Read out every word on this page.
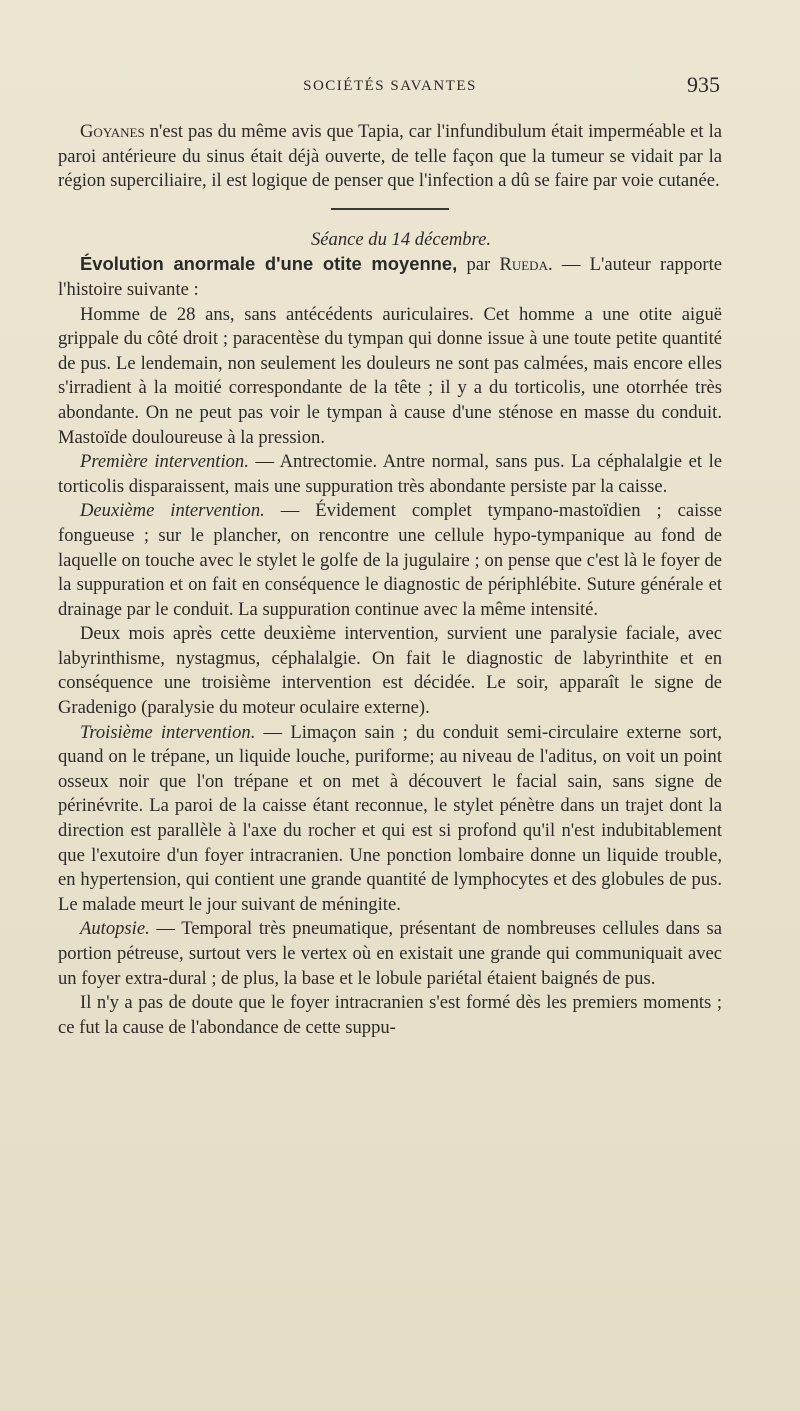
SOCIÉTÉS SAVANTES	935

Goyanes n'est pas du même avis que Tapia, car l'infundibulum était imperméable et la paroi antérieure du sinus était déjà ouverte, de telle façon que la tumeur se vidait par la région superciliaire, il est logique de penser que l'infection a dû se faire par voie cutanée.

Séance du 14 décembre.

Évolution anormale d'une otite moyenne, par Rueda. — L'auteur rapporte l'histoire suivante :

Homme de 28 ans, sans antécédents auriculaires. Cet homme a une otite aiguë grippale du côté droit ; paracentèse du tympan qui donne issue à une toute petite quantité de pus. Le lendemain, non seulement les douleurs ne sont pas calmées, mais encore elles s'irradient à la moitié correspondante de la tête ; il y a du torticolis, une otorrhée très abondante. On ne peut pas voir le tympan à cause d'une sténose en masse du conduit. Mastoïde douloureuse à la pression.

Première intervention. — Antrectomie. Antre normal, sans pus. La céphalalgie et le torticolis disparaissent, mais une suppuration très abondante persiste par la caisse.

Deuxième intervention. — Évidement complet tympano-mastoïdien ; caisse fongueuse ; sur le plancher, on rencontre une cellule hypo-tympanique au fond de laquelle on touche avec le stylet le golfe de la jugulaire ; on pense que c'est là le foyer de la suppuration et on fait en conséquence le diagnostic de périphlébite. Suture générale et drainage par le conduit. La suppuration continue avec la même intensité.

Deux mois après cette deuxième intervention, survient une paralysie faciale, avec labyrinthisme, nystagmus, céphalalgie. On fait le diagnostic de labyrinthite et en conséquence une troisième intervention est décidée. Le soir, apparaît le signe de Gradenigo (paralysie du moteur oculaire externe).

Troisième intervention. — Limaçon sain ; du conduit semi-circulaire externe sort, quand on le trépane, un liquide louche, puriforme; au niveau de l'aditus, on voit un point osseux noir que l'on trépane et on met à découvert le facial sain, sans signe de périnévrite. La paroi de la caisse étant reconnue, le stylet pénètre dans un trajet dont la direction est parallèle à l'axe du rocher et qui est si profond qu'il n'est indubitablement que l'exutoire d'un foyer intracranien. Une ponction lombaire donne un liquide trouble, en hypertension, qui contient une grande quantité de lymphocytes et des globules de pus. Le malade meurt le jour suivant de méningite.

Autopsie. — Temporal très pneumatique, présentant de nombreuses cellules dans sa portion pétreuse, surtout vers le vertex où en existait une grande qui communiquait avec un foyer extra-dural ; de plus, la base et le lobule pariétal étaient baignés de pus.

Il n'y a pas de doute que le foyer intracranien s'est formé dès les premiers moments ; ce fut la cause de l'abondance de cette suppu-
